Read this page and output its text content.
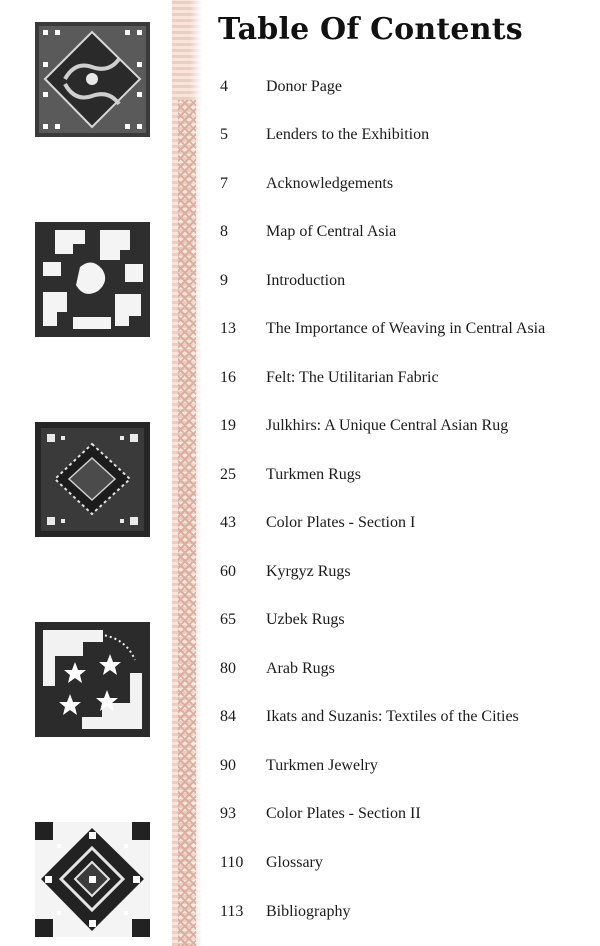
Table Of Contents
4 Donor Page
5 Lenders to the Exhibition
7 Acknowledgements
8 Map of Central Asia
9 Introduction
13 The Importance of Weaving in Central Asia
16 Felt: The Utilitarian Fabric
19 Julkhirs: A Unique Central Asian Rug
25 Turkmen Rugs
43 Color Plates - Section I
60 Kyrgyz Rugs
65 Uzbek Rugs
80 Arab Rugs
84 Ikats and Suzanis: Textiles of the Cities
90 Turkmen Jewelry
93 Color Plates - Section II
110 Glossary
113 Bibliography
